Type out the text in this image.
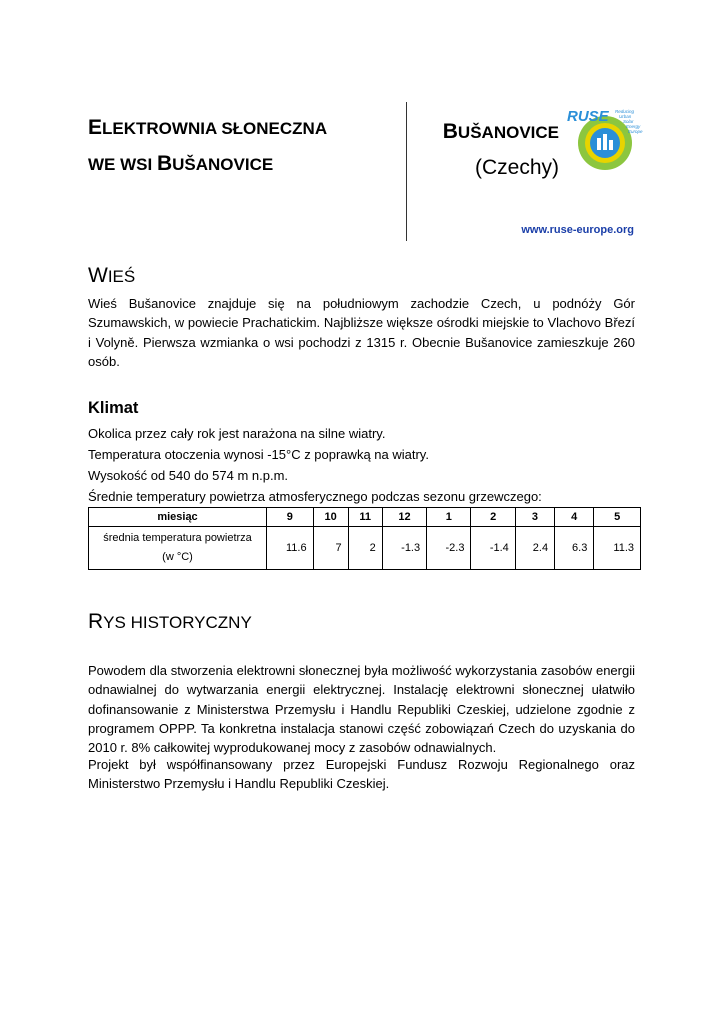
ELEKTROWNIA SŁONECZNA
WE WSI BUŠANOVICE
BUŠANOVICE
(Czechy)
RUSE Reducing
Urban
Solar
Energy
Europe
www.ruse-europe.org
WIEŚ
Wieś Bušanovice znajduje się na południowym zachodzie Czech, u podnóży Gór Szumawskich, w powiecie Prachatickim. Najbliższe większe ośrodki miejskie to Vlachovo Březí i Volyně. Pierwsza wzmianka o wsi pochodzi z 1315 r. Obecnie Bušanovice zamieszkuje 260 osób.
Klimat
Okolica przez cały rok jest narażona na silne wiatry.
Temperatura otoczenia wynosi -15°C z poprawką na wiatry.
Wysokość od 540 do 574 m n.p.m.
Średnie temperatury powietrza atmosferycznego podczas sezonu grzewczego:
miesiąc	9	10	11	12	1	2	3	4	5

średnia temperatura powietrza
(w °C)	11.6	7	2	-1.3	-2.3	-1.4	2.4	6.3	11.3
RYS HISTORYCZNY
Powodem dla stworzenia elektrowni słonecznej była możliwość wykorzystania zasobów energii odnawialnej do wytwarzania energii elektrycznej. Instalację elektrowni słonecznej ułatwiło dofinansowanie z Ministerstwa Przemysłu i Handlu Republiki Czeskiej, udzielone zgodnie z programem OPPP. Ta konkretna instalacja stanowi część zobowiązań Czech do uzyskania do 2010 r. 8% całkowitej wyprodukowanej mocy z zasobów odnawialnych.
Projekt był współfinansowany przez Europejski Fundusz Rozwoju Regionalnego oraz Ministerstwo Przemysłu i Handlu Republiki Czeskiej.
